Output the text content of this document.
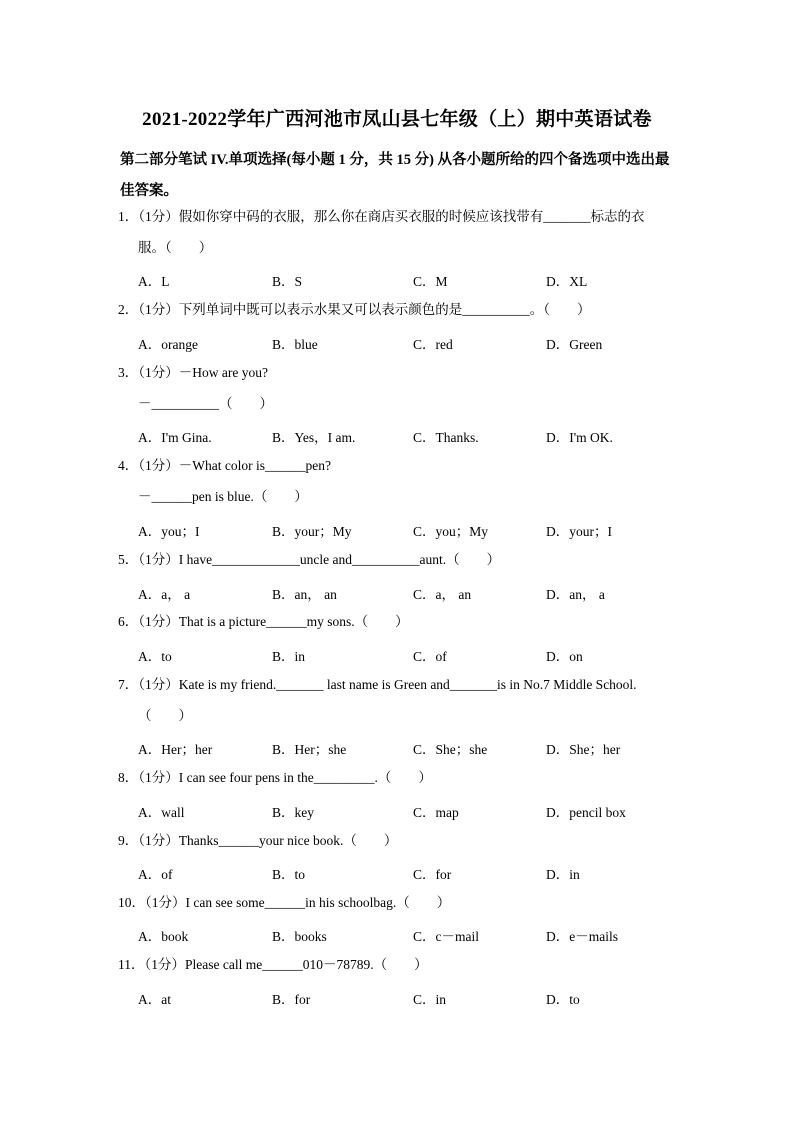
2021-2022学年广西河池市凤山县七年级（上）期中英语试卷
第二部分笔试 IV.单项选择(每小题 1 分，共 15 分) 从各小题所给的四个备选项中选出最佳答案。
1．（1分）假如你穿中码的衣服，那么你在商店买衣服的时候应该找带有_______标志的衣
服。（　　）
A．L	B．S	C．M	D．XL
2．（1分）下列单词中既可以表示水果又可以表示颜色的是__________。（　　）
A．orange	B．blue	C．red	D．Green
3．（1分）－How are you?
－__________（　　）
A．I'm Gina.	B．Yes，I am.	C．Thanks.	D．I'm OK.
4．（1分）－What color is______pen?
－______pen is blue.（　　）
A．you；I	B．your；My	C．you；My	D．your；I
5．（1分）I have_____________uncle and__________aunt.（　　）
A．a， a	B．an， an	C．a， an	D．an， a
6．（1分）That is a picture______my sons.（　　）
A．to	B．in	C．of	D．on
7．（1分）Kate is my friend._______ last name is Green and_______is in No.7 Middle School.
（　　）
A．Her；her	B．Her；she	C．She；she	D．She；her
8．（1分）I can see four pens in the_________.（　　）
A．wall	B．key	C．map	D．pencil box
9．（1分）Thanks______your nice book.（　　）
A．of	B．to	C．for	D．in
10．（1分）I can see some______in his schoolbag.（　　）
A．book	B．books	C．c－mail	D．e－mails
11．（1分）Please call me______010－78789.（　　）
A．at	B．for	C．in	D．to
